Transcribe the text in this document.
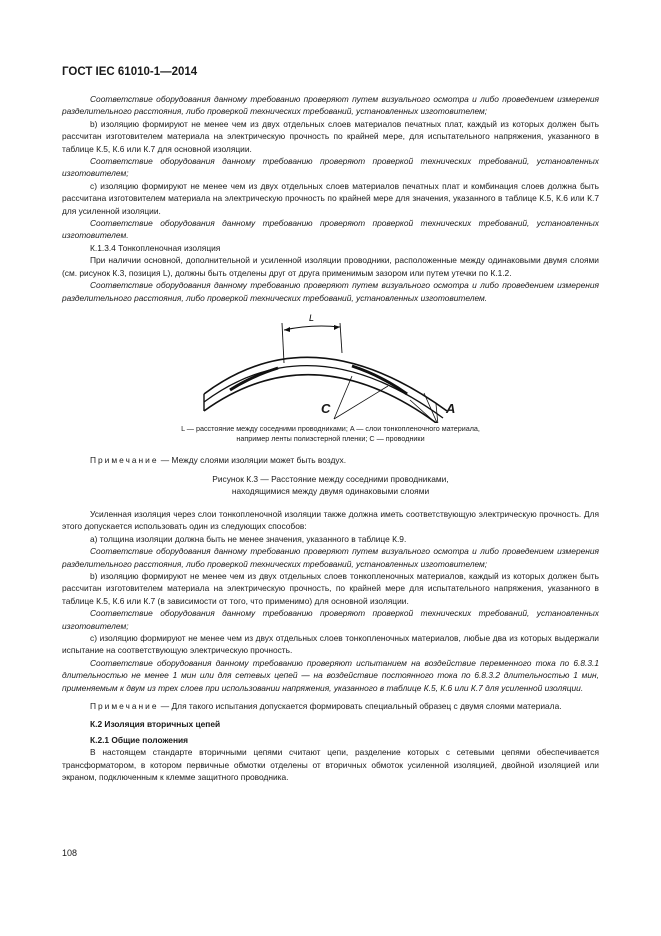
ГОСТ IEC 61010-1—2014

Соответствие оборудования данному требованию проверяют путем визуального осмотра и либо проведением измерения разделительного расстояния, либо проверкой технических требований, установленных изготовителем;

b) изоляцию формируют не менее чем из двух отдельных слоев материалов печатных плат, каждый из которых должен быть рассчитан изготовителем материала на электрическую прочность по крайней мере, для испытательного напряжения, указанного в таблице К.5, К.6 или К.7 для основной изоляции.

Соответствие оборудования данному требованию проверяют проверкой технических требований, установленных изготовителем;

c) изоляцию формируют не менее чем из двух отдельных слоев материалов печатных плат и комбинация слоев должна быть рассчитана изготовителем материала на электрическую прочность по крайней мере для значения, указанного в таблице К.5, К.6 или К.7 для усиленной изоляции.

Соответствие оборудования данному требованию проверяют проверкой технических требований, установленных изготовителем.

К.1.3.4 Тонкопленочная изоляция

При наличии основной, дополнительной и усиленной изоляции проводники, расположенные между одинаковыми двумя слоями (см. рисунок К.3, позиция L), должны быть отделены друг от друга применимым зазором или путем утечки по К.1.2.

Соответствие оборудования данному требованию проверяют путем визуального осмотра и либо проведением измерения разделительного расстояния, либо проверкой технических требований, установленных изготовителем.

L
C	A
L — расстояние между соседними проводниками; A — слои тонкопленочного материала,
например ленты полиэстерной пленки; C — проводники
Примечание — Между слоями изоляции может быть воздух.
Рисунок К.3 — Расстояние между соседними проводниками,
находящимися между двумя одинаковыми слоями

Усиленная изоляция через слои тонкопленочной изоляции также должна иметь соответствующую электрическую прочность. Для этого допускается использовать один из следующих способов:

a) толщина изоляции должна быть не менее значения, указанного в таблице К.9.

Соответствие оборудования данному требованию проверяют путем визуального осмотра и либо проведением измерения разделительного расстояния, либо проверкой технических требований, установленных изготовителем;

b) изоляцию формируют не менее чем из двух отдельных слоев тонкопленочных материалов, каждый из которых должен быть рассчитан изготовителем материала на электрическую прочность, по крайней мере для испытательного напряжения, указанного в таблице К.5, К.6 или К.7 (в зависимости от того, что применимо) для основной изоляции.

Соответствие оборудования данному требованию проверяют проверкой технических требований, установленных изготовителем;

c) изоляцию формируют не менее чем из двух отдельных слоев тонкопленочных материалов, любые два из которых выдержали испытание на соответствующую электрическую прочность.

Соответствие оборудования данному требованию проверяют испытанием на воздействие переменного тока по 6.8.3.1 длительностью не менее 1 мин или для сетевых цепей — на воздействие постоянного тока по 6.8.3.2 длительностью 1 мин, применяемым к двум из трех слоев при использовании напряжения, указанного в таблице К.5, К.6 или К.7 для усиленной изоляции.

Примечание — Для такого испытания допускается формировать специальный образец с двумя слоями материала.

К.2 Изоляция вторичных цепей

К.2.1 Общие положения

В настоящем стандарте вторичными цепями считают цепи, разделение которых с сетевыми цепями обеспечивается трансформатором, в котором первичные обмотки отделены от вторичных обмоток усиленной изоляцией, двойной изоляцией или экраном, подключенным к клемме защитного проводника.

108
